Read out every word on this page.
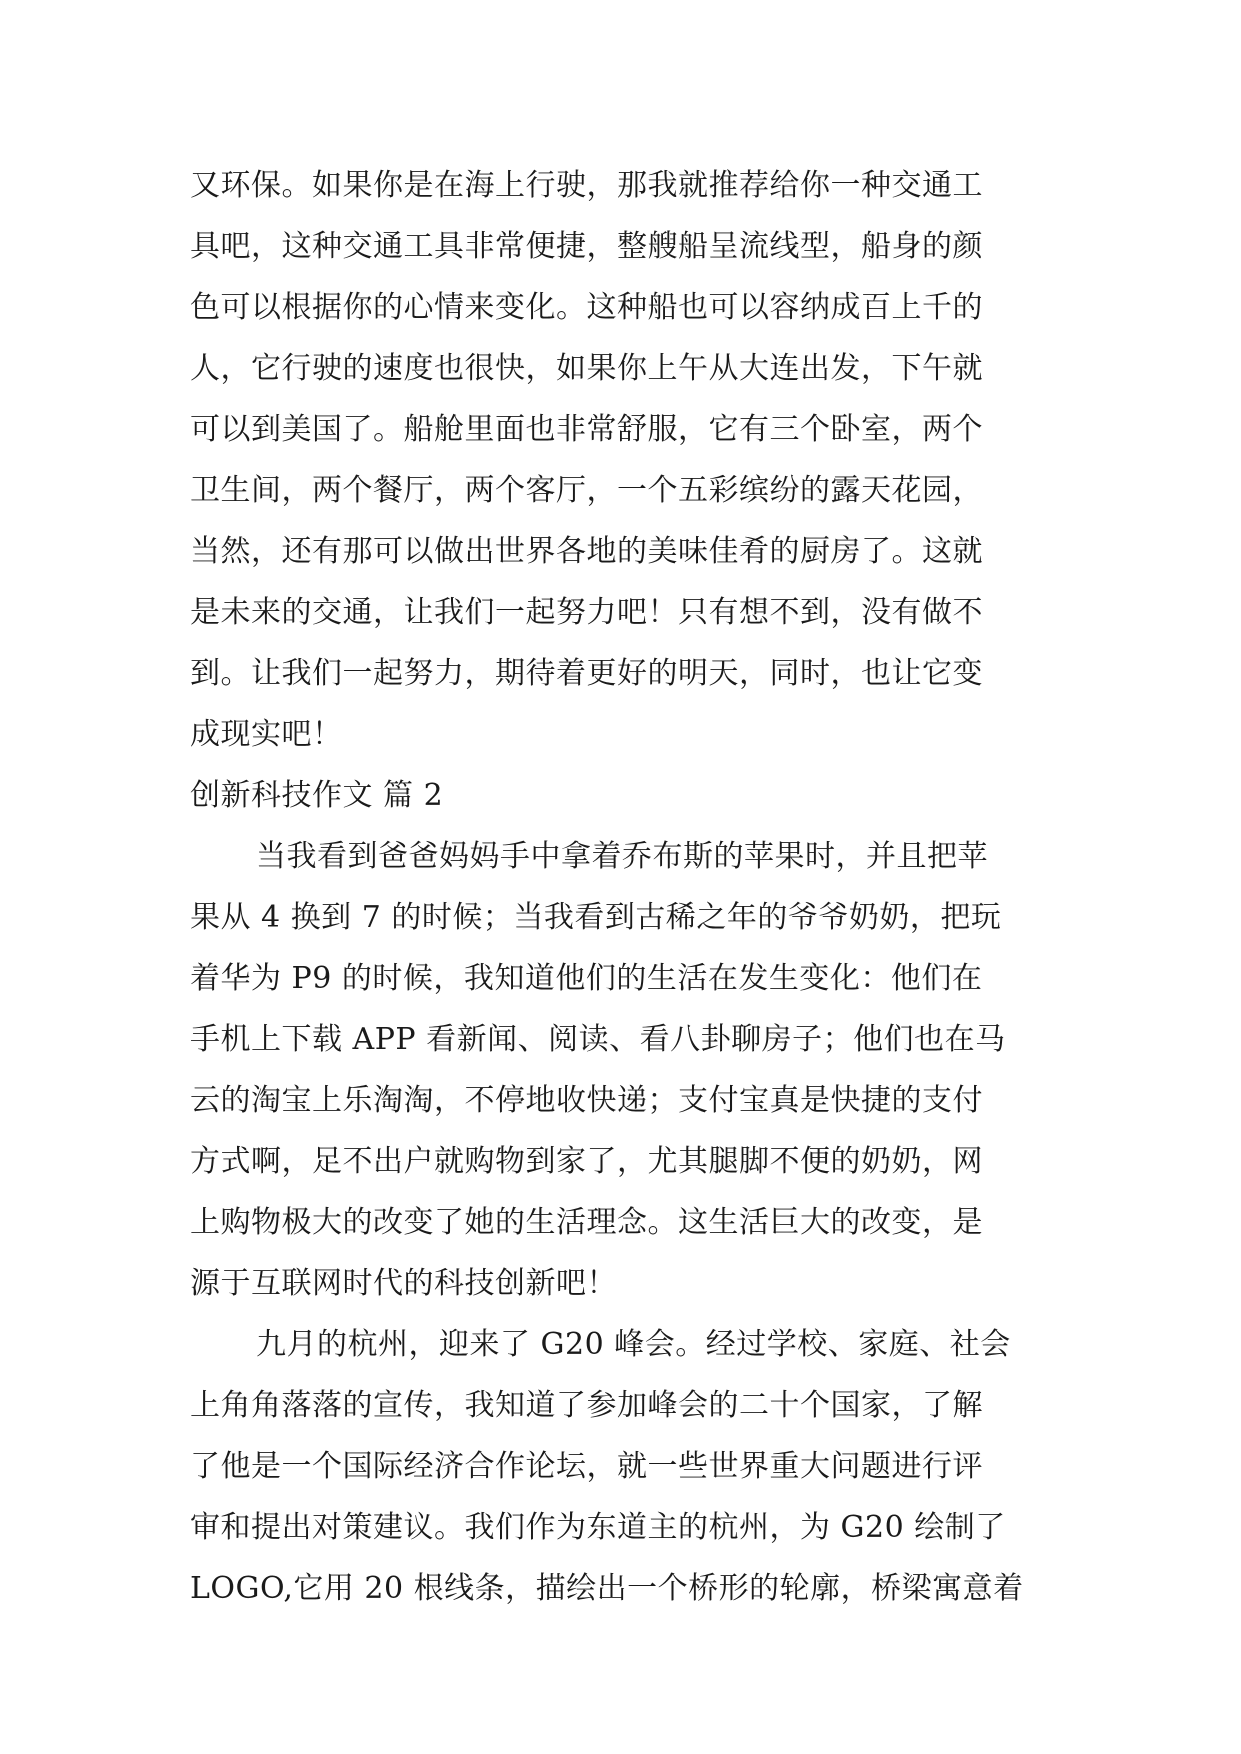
又环保。如果你是在海上行驶，那我就推荐给你一种交通工
具吧，这种交通工具非常便捷，整艘船呈流线型，船身的颜
色可以根据你的心情来变化。这种船也可以容纳成百上千的
人，它行驶的速度也很快，如果你上午从大连出发，下午就
可以到美国了。船舱里面也非常舒服，它有三个卧室，两个
卫生间，两个餐厅，两个客厅，一个五彩缤纷的露天花园，
当然，还有那可以做出世界各地的美味佳肴的厨房了。这就
是未来的交通，让我们一起努力吧！只有想不到，没有做不
到。让我们一起努力，期待着更好的明天，同时，也让它变
成现实吧！
创新科技作文 篇 2
当我看到爸爸妈妈手中拿着乔布斯的苹果时，并且把苹
果从 4 换到 7 的时候；当我看到古稀之年的爷爷奶奶，把玩
着华为 P9 的时候，我知道他们的生活在发生变化：他们在
手机上下载 APP 看新闻、阅读、看八卦聊房子；他们也在马
云的淘宝上乐淘淘，不停地收快递；支付宝真是快捷的支付
方式啊，足不出户就购物到家了，尤其腿脚不便的奶奶，网
上购物极大的改变了她的生活理念。这生活巨大的改变，是
源于互联网时代的科技创新吧！
九月的杭州，迎来了 G20 峰会。经过学校、家庭、社会
上角角落落的宣传，我知道了参加峰会的二十个国家，了解
了他是一个国际经济合作论坛，就一些世界重大问题进行评
审和提出对策建议。我们作为东道主的杭州，为 G20 绘制了
LOGO,它用 20 根线条，描绘出一个桥形的轮廓，桥梁寓意着
